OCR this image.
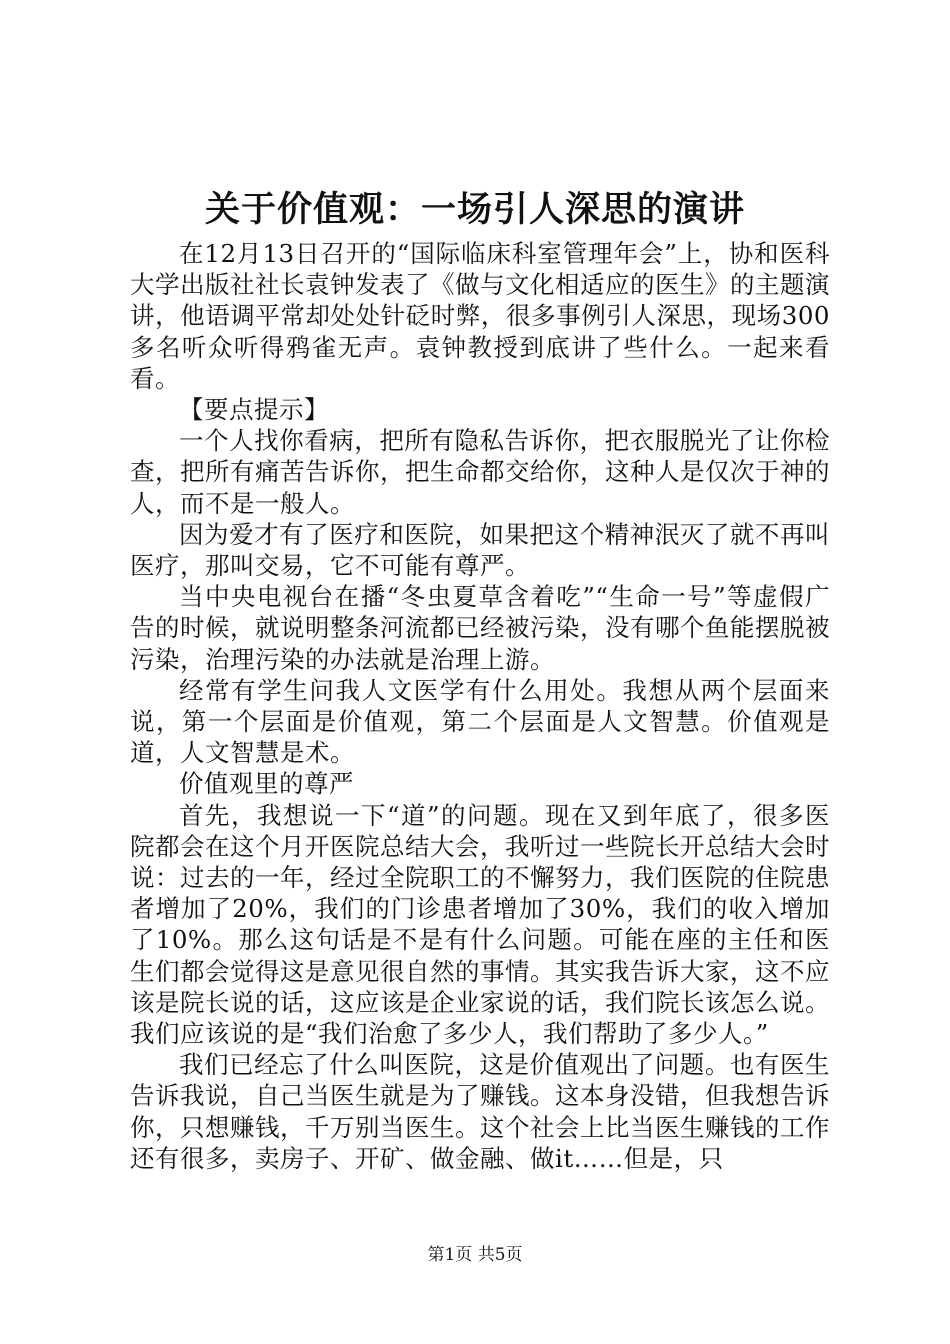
关于价值观：一场引人深思的演讲

在12月13日召开的“国际临床科室管理年会”上，协和医科大学出版社社长袁钟发表了《做与文化相适应的医生》的主题演讲，他语调平常却处处针砭时弊，很多事例引人深思，现场300多名听众听得鸦雀无声。袁钟教授到底讲了些什么。一起来看看。

【要点提示】

一个人找你看病，把所有隐私告诉你，把衣服脱光了让你检查，把所有痛苦告诉你，把生命都交给你，这种人是仅次于神的人，而不是一般人。

因为爱才有了医疗和医院，如果把这个精神泯灭了就不再叫医疗，那叫交易，它不可能有尊严。

当中央电视台在播“冬虫夏草含着吃”“生命一号”等虚假广告的时候，就说明整条河流都已经被污染，没有哪个鱼能摆脱被污染，治理污染的办法就是治理上游。

经常有学生问我人文医学有什么用处。我想从两个层面来说，第一个层面是价值观，第二个层面是人文智慧。价值观是道，人文智慧是术。

价值观里的尊严

首先，我想说一下“道”的问题。现在又到年底了，很多医院都会在这个月开医院总结大会，我听过一些院长开总结大会时说：过去的一年，经过全院职工的不懈努力，我们医院的住院患者增加了20%，我们的门诊患者增加了30%，我们的收入增加了10%。那么这句话是不是有什么问题。可能在座的主任和医生们都会觉得这是意见很自然的事情。其实我告诉大家，这不应该是院长说的话，这应该是企业家说的话，我们院长该怎么说。我们应该说的是“我们治愈了多少人，我们帮助了多少人。”

我们已经忘了什么叫医院，这是价值观出了问题。也有医生告诉我说，自己当医生就是为了赚钱。这本身没错，但我想告诉你，只想赚钱，千万别当医生。这个社会上比当医生赚钱的工作还有很多，卖房子、开矿、做金融、做it……但是，只

第1页 共5页
